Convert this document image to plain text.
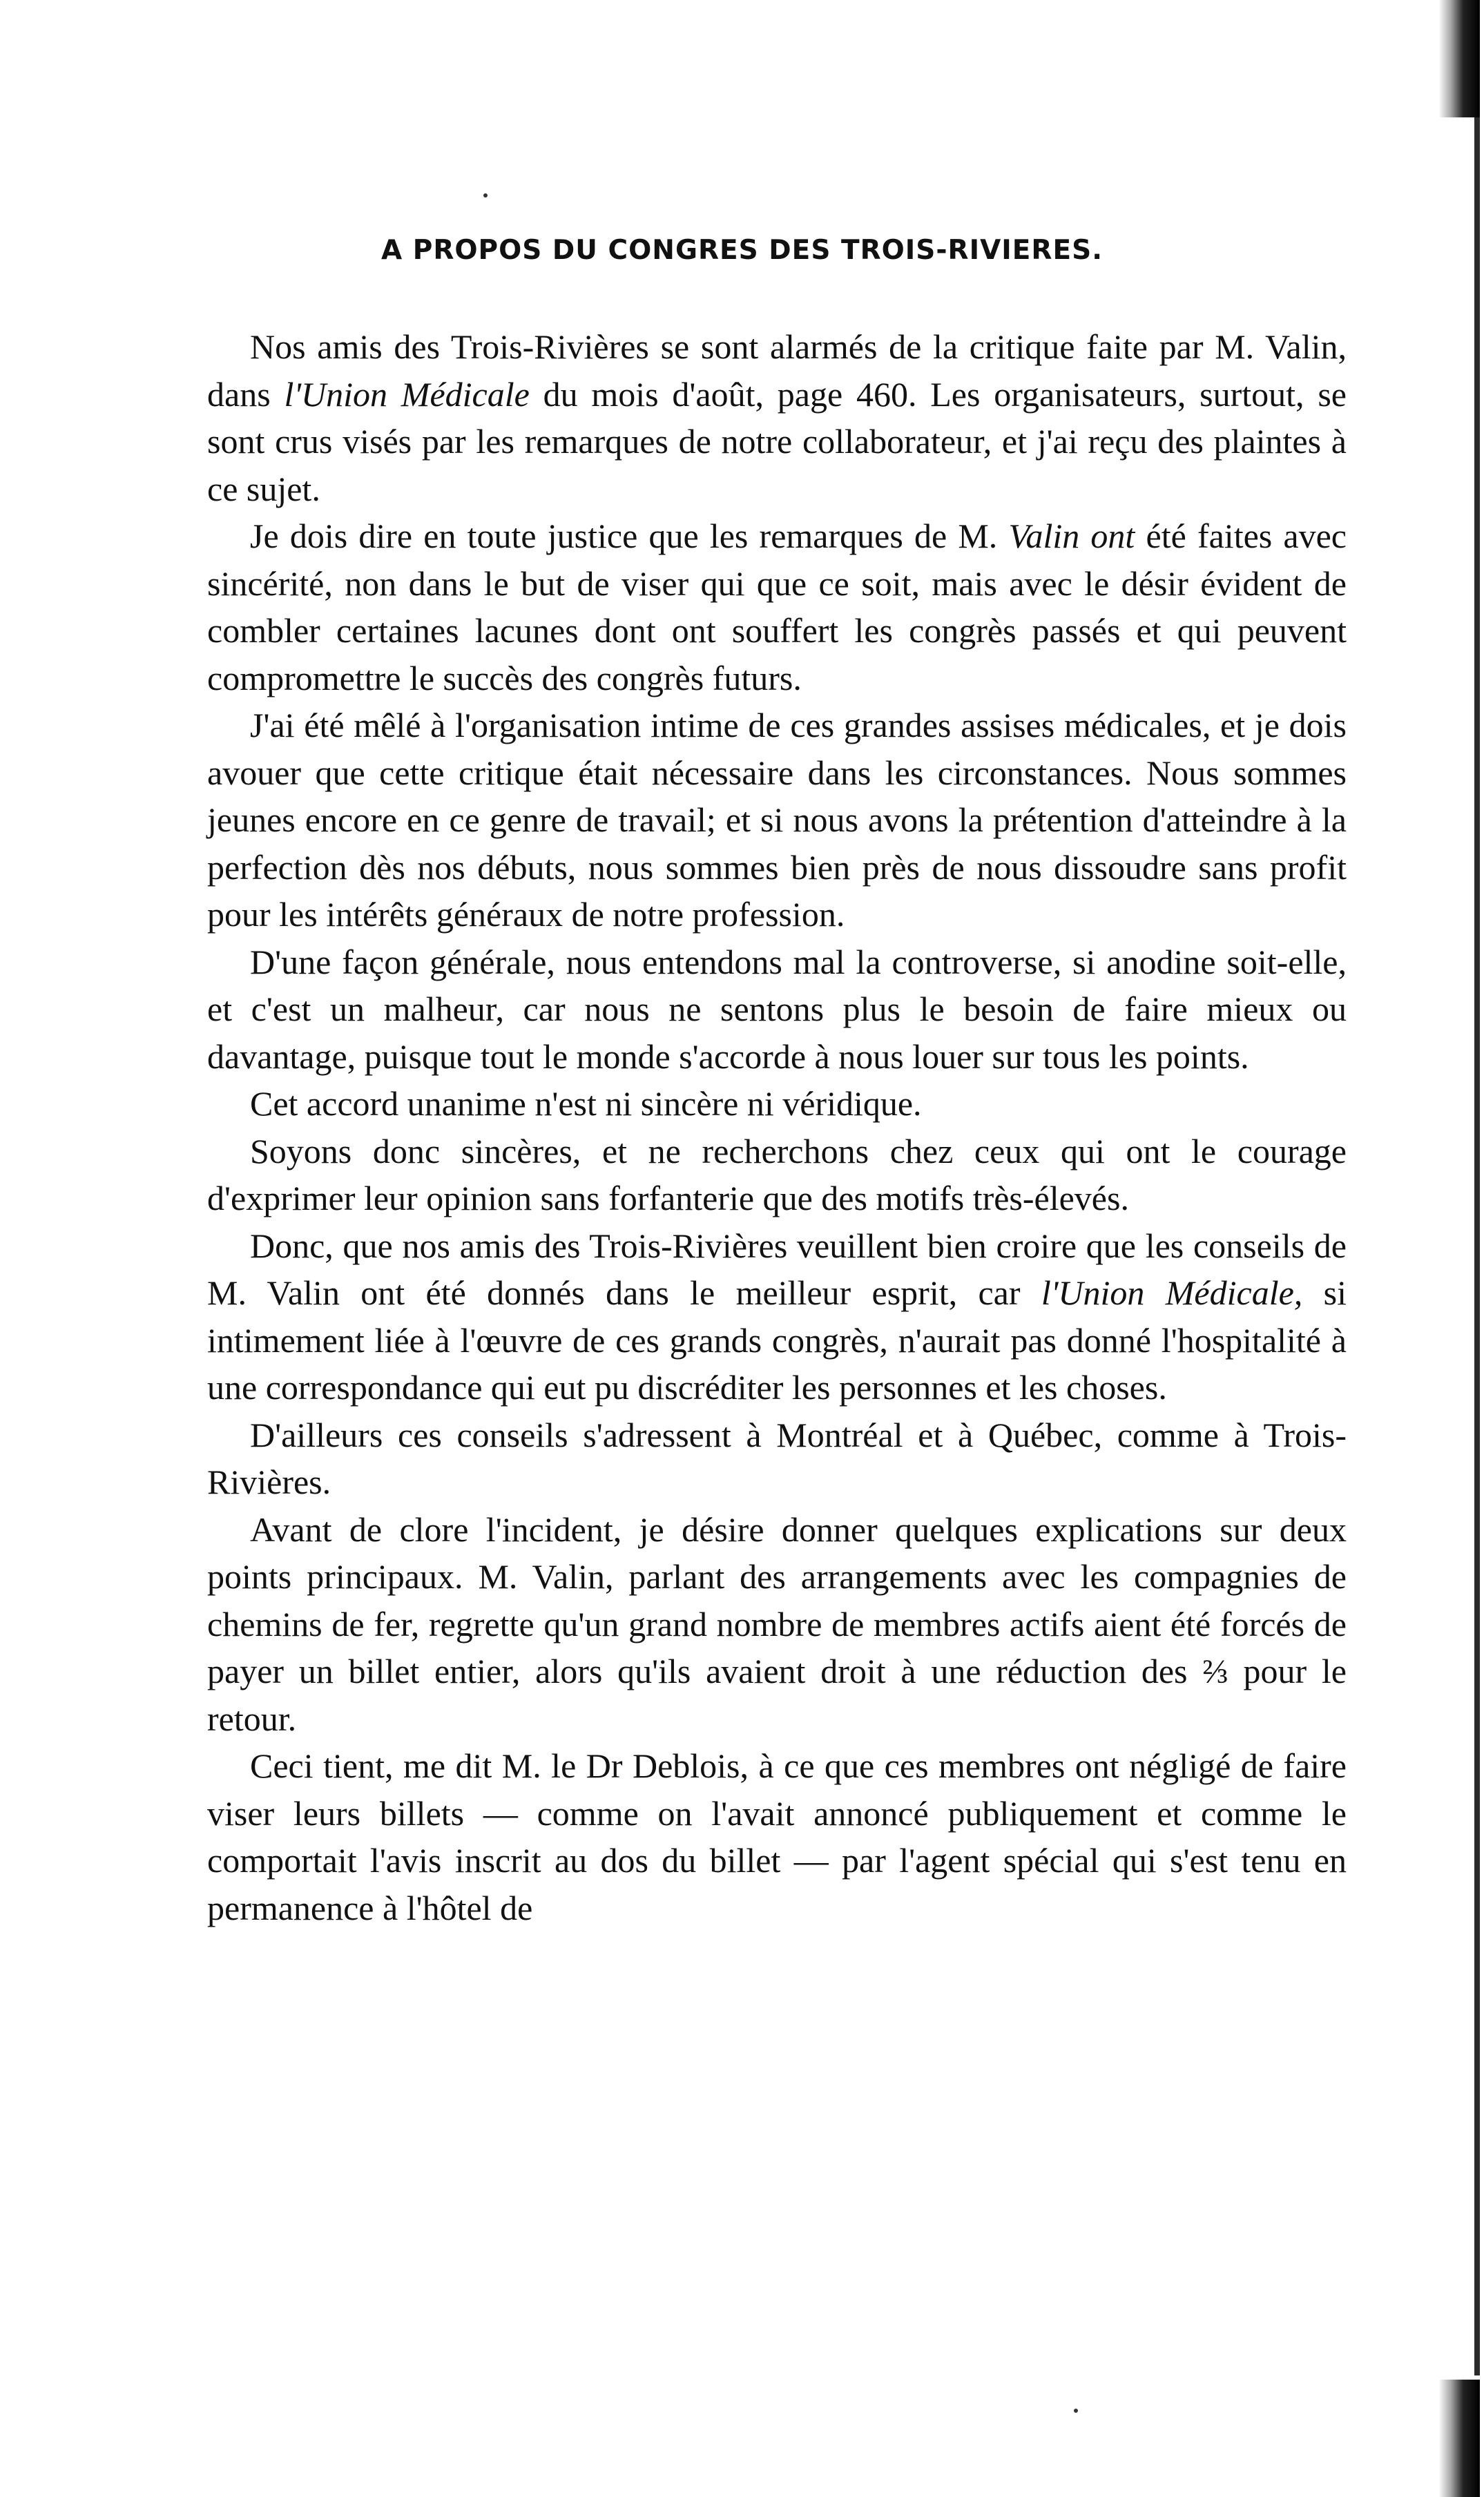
A PROPOS DU CONGRES DES TROIS-RIVIERES.

Nos amis des Trois-Rivières se sont alarmés de la critique faite par M. Valin, dans l'Union Médicale du mois d'août, page 460. Les organisateurs, surtout, se sont crus visés par les remarques de notre collaborateur, et j'ai reçu des plaintes à ce sujet.

Je dois dire en toute justice que les remarques de M. Valin ont été faites avec sincérité, non dans le but de viser qui que ce soit, mais avec le désir évident de combler certaines lacunes dont ont souffert les congrès passés et qui peuvent compromettre le succès des congrès futurs.

J'ai été mêlé à l'organisation intime de ces grandes assises médicales, et je dois avouer que cette critique était nécessaire dans les circonstances. Nous sommes jeunes encore en ce genre de travail; et si nous avons la prétention d'atteindre à la perfection dès nos débuts, nous sommes bien près de nous dissoudre sans profit pour les intérêts généraux de notre profession.

D'une façon générale, nous entendons mal la controverse, si anodine soit-elle, et c'est un malheur, car nous ne sentons plus le besoin de faire mieux ou davantage, puisque tout le monde s'accorde à nous louer sur tous les points.

Cet accord unanime n'est ni sincère ni véridique.

Soyons donc sincères, et ne recherchons chez ceux qui ont le courage d'exprimer leur opinion sans forfanterie que des motifs très-élevés.

Donc, que nos amis des Trois-Rivières veuillent bien croire que les conseils de M. Valin ont été donnés dans le meilleur esprit, car l'Union Médicale, si intimement liée à l'œuvre de ces grands congrès, n'aurait pas donné l'hospitalité à une correspondance qui eut pu discréditer les personnes et les choses.

D'ailleurs ces conseils s'adressent à Montréal et à Québec, comme à Trois-Rivières.

Avant de clore l'incident, je désire donner quelques explications sur deux points principaux. M. Valin, parlant des arrangements avec les compagnies de chemins de fer, regrette qu'un grand nombre de membres actifs aient été forcés de payer un billet entier, alors qu'ils avaient droit à une réduction des ⅔ pour le retour.

Ceci tient, me dit M. le Dr Deblois, à ce que ces membres ont négligé de faire viser leurs billets — comme on l'avait annoncé publiquement et comme le comportait l'avis inscrit au dos du billet — par l'agent spécial qui s'est tenu en permanence à l'hôtel de
